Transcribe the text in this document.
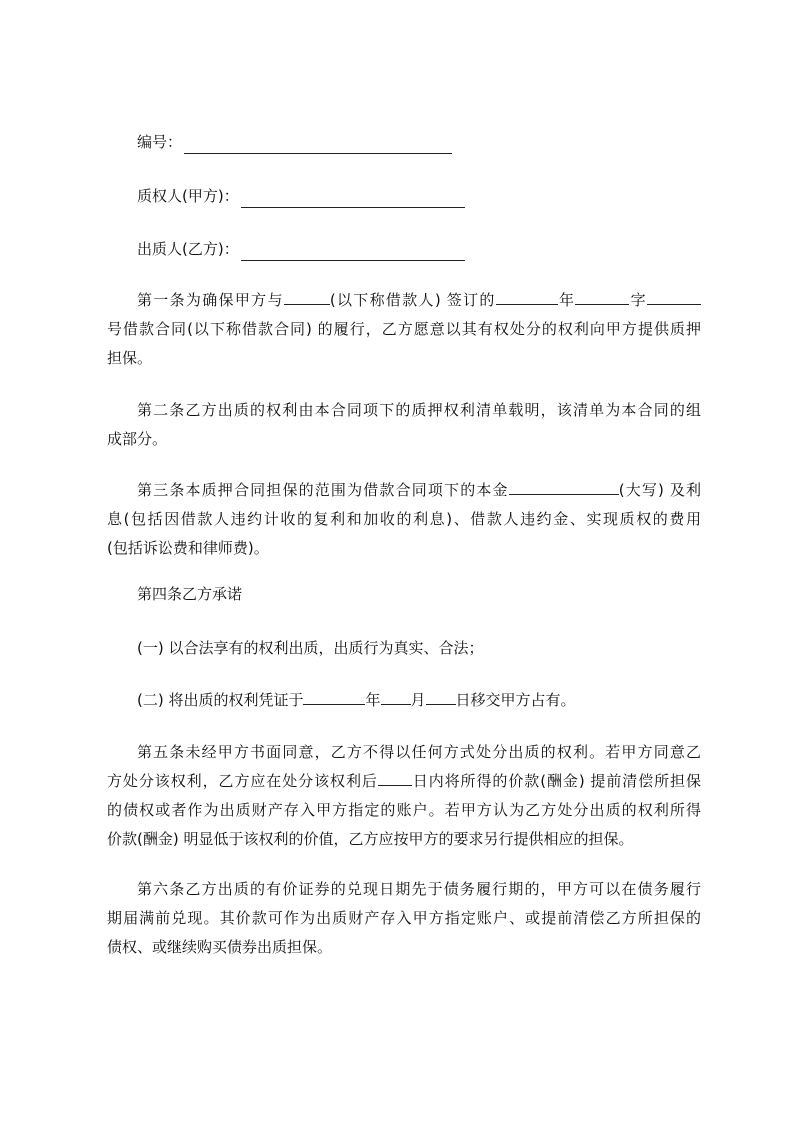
编号：
质权人(甲方)：
出质人(乙方)：
第一条为确保甲方与	(以下称借款人) 签订的	年	字
号借款合同(以下称借款合同) 的履行，乙方愿意以其有权处分的权利向甲方提供质押
担保。
第二条乙方出质的权利由本合同项下的质押权利清单载明，该清单为本合同的组
成部分。
第三条本质押合同担保的范围为借款合同项下的本金	(大写) 及利
息(包括因借款人违约计收的复利和加收的利息)、借款人违约金、实现质权的费用
(包括诉讼费和律师费)。
第四条乙方承诺
(一) 以合法享有的权利出质，出质行为真实、合法；
(二) 将出质的权利凭证于	年 月 日移交甲方占有。
第五条未经甲方书面同意，乙方不得以任何方式处分出质的权利。若甲方同意乙
方处分该权利，乙方应在处分该权利后 日内将所得的价款(酬金) 提前清偿所担保
的债权或者作为出质财产存入甲方指定的账户。若甲方认为乙方处分出质的权利所得
价款(酬金) 明显低于该权利的价值，乙方应按甲方的要求另行提供相应的担保。
第六条乙方出质的有价证券的兑现日期先于债务履行期的，甲方可以在债务履行
期届满前兑现。其价款可作为出质财产存入甲方指定账户、或提前清偿乙方所担保的
债权、或继续购买债券出质担保。
